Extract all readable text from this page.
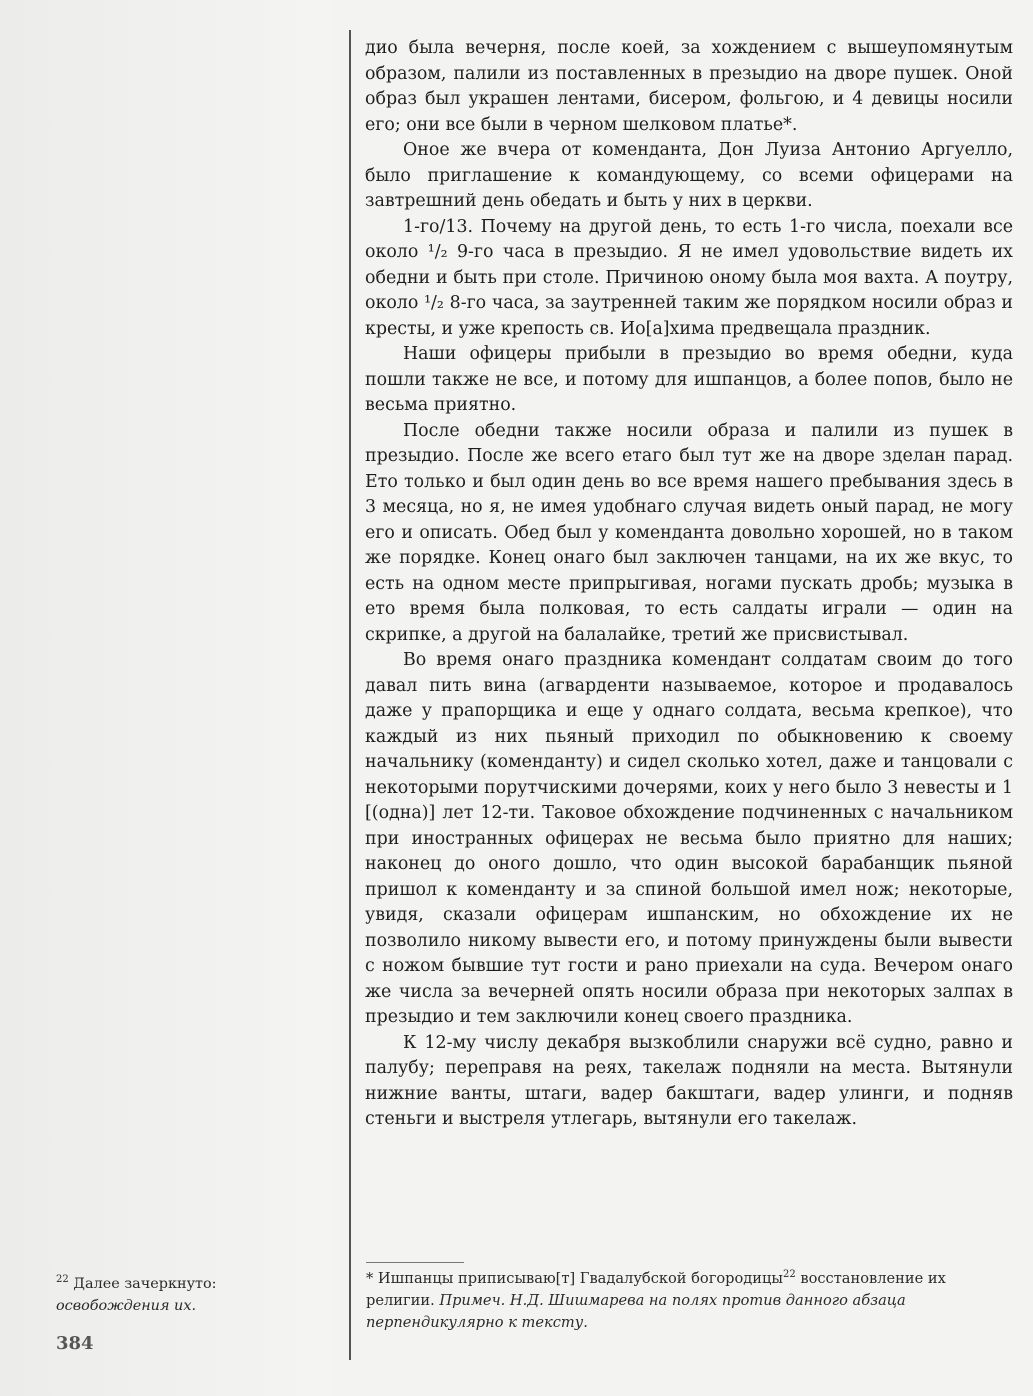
дио была вечерня, после коей, за хождением с вышеупомянутым образом, палили из поставленных в презыдио на дворе пушек. Оной образ был украшен лентами, бисером, фольгою, и 4 девицы носили его; они все были в черном шелковом платье*.

Оное же вчера от коменданта, Дон Луиза Антонио Аргуелло, было приглашение к командующему, со всеми офицерами на завтрешний день обедать и быть у них в церкви.

1-го/13. Почему на другой день, то есть 1-го числа, поехали все около ¹/₂ 9-го часа в презыдио. Я не имел удовольствие видеть их обедни и быть при столе. Причиною оному была моя вахта. А поутру, около ¹/₂ 8-го часа, за заутренней таким же порядком носили образ и кресты, и уже крепость св. Ио[а]хима предвещала праздник.

Наши офицеры прибыли в презыдио во время обедни, куда пошли также не все, и потому для ишпанцов, а более попов, было не весьма приятно.

После обедни также носили образа и палили из пушек в презыдио. После же всего етаго был тут же на дворе зделан парад. Ето только и был один день во все время нашего пребывания здесь в 3 месяца, но я, не имея удобнаго случая видеть оный парад, не могу его и описать. Обед был у коменданта довольно хорошей, но в таком же порядке. Конец онаго был заключен танцами, на их же вкус, то есть на одном месте припрыгивая, ногами пускать дробь; музыка в ето время была полковая, то есть салдаты играли — один на скрипке, а другой на балалайке, третий же присвистывал.

Во время онаго праздника комендант солдатам своим до того давал пить вина (агварденти называемое, которое и продавалось даже у прапорщика и еще у однаго солдата, весьма крепкое), что каждый из них пьяный приходил по обыкновению к своему начальнику (коменданту) и сидел сколько хотел, даже и танцовали с некоторыми порутчискими дочерями, коих у него было 3 невесты и 1 [(одна)] лет 12-ти. Таковое обхождение подчиненных с начальником при иностранных офицерах не весьма было приятно для наших; наконец до оного дошло, что один высокой барабанщик пьяной пришол к коменданту и за спиной большой имел нож; некоторые, увидя, сказали офицерам ишпанским, но обхождение их не позволило никому вывести его, и потому принуждены были вывести с ножом бывшие тут гости и рано приехали на суда. Вечером онаго же числа за вечерней опять носили образа при некоторых залпах в презыдио и тем заключили конец своего праздника.

К 12-му числу декабря вызкоблили снаружи всё судно, равно и палубу; переправя на реях, такелаж подняли на места. Вытянули нижние ванты, штаги, вадер бакштаги, вадер улинги, и подняв стеньги и выстреля утлегарь, вытянули его такелаж.

* Ишпанцы приписываю[т] Гвадалубской богородицы$^{22}$ восстановление их религии. Примеч. Н.Д. Шишмарева на полях против данного абзаца перпендикулярно к тексту.
$^{22}$ Далее зачеркнуто: освобождения их.
384
